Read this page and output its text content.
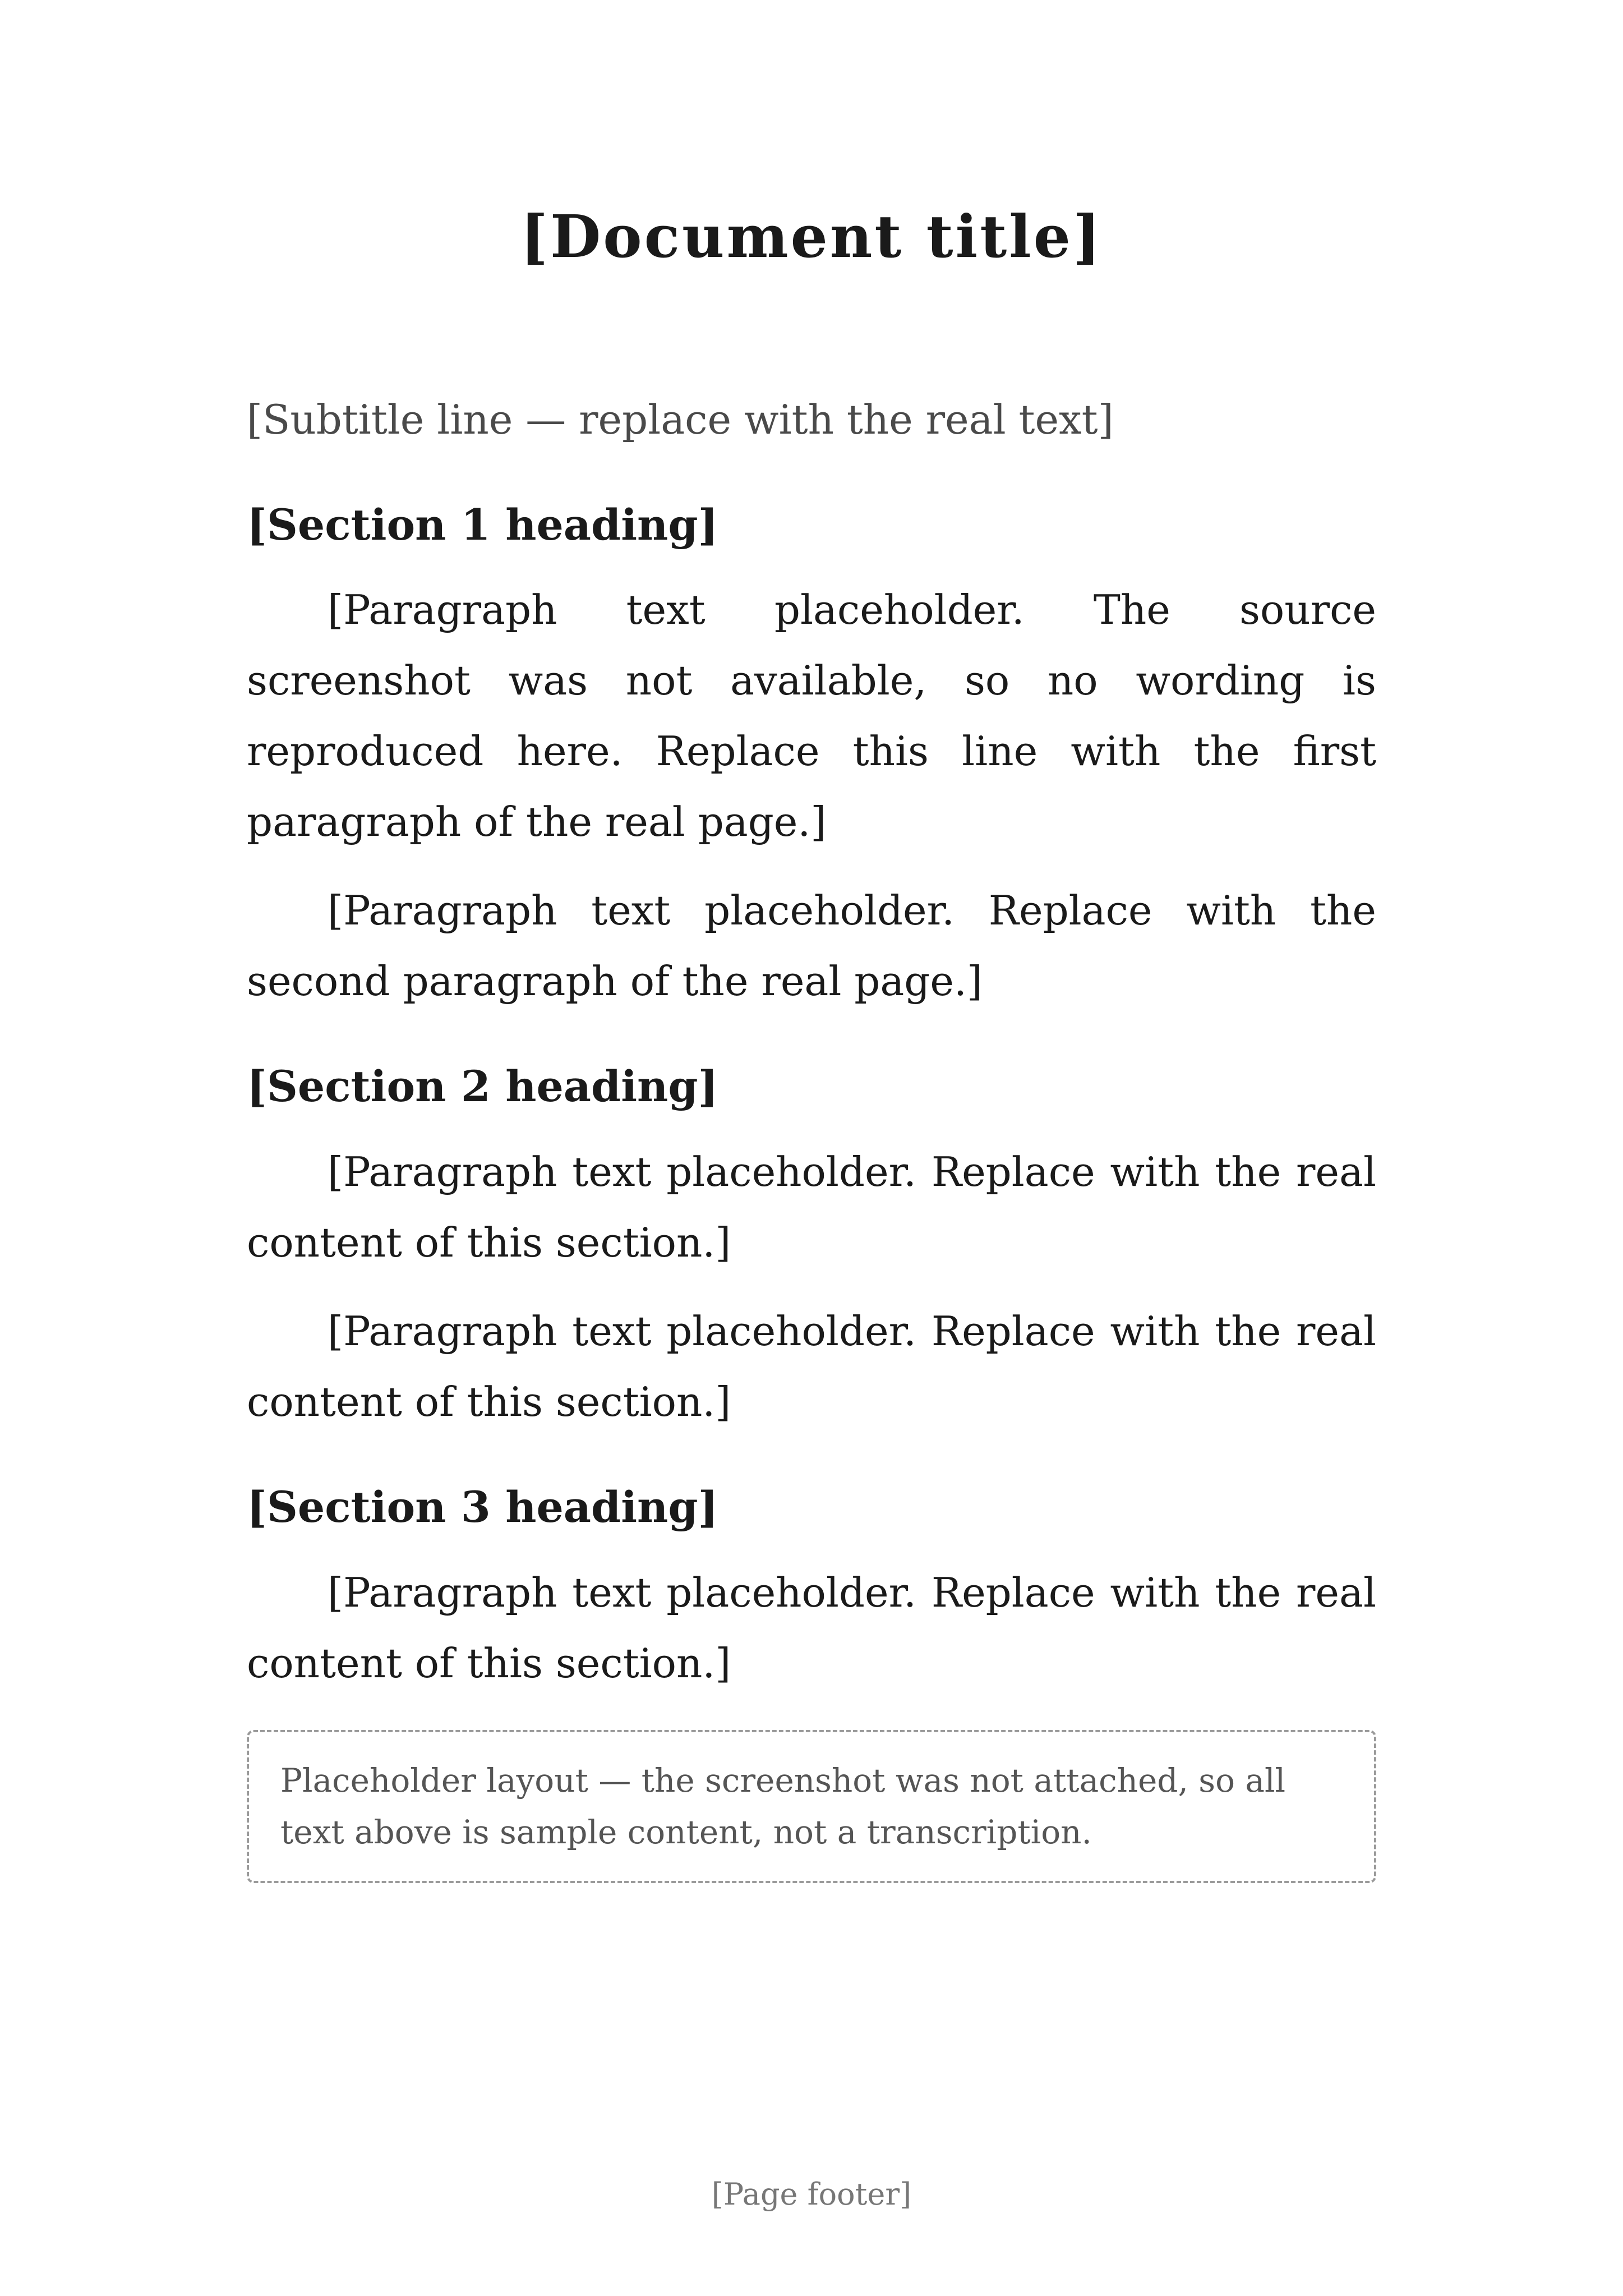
[Document title]

[Subtitle line — replace with the real text]

[Section 1 heading]

[Paragraph text placeholder. The source screenshot was not available, so no wording is reproduced here. Replace this line with the first paragraph of the real page.]

[Paragraph text placeholder. Replace with the second paragraph of the real page.]

[Section 2 heading]

[Paragraph text placeholder. Replace with the real content of this section.]

[Paragraph text placeholder. Replace with the real content of this section.]

[Section 3 heading]

[Paragraph text placeholder. Replace with the real content of this section.]

Placeholder layout — the screenshot was not attached, so all text above is sample content, not a transcription.
[Page footer]
